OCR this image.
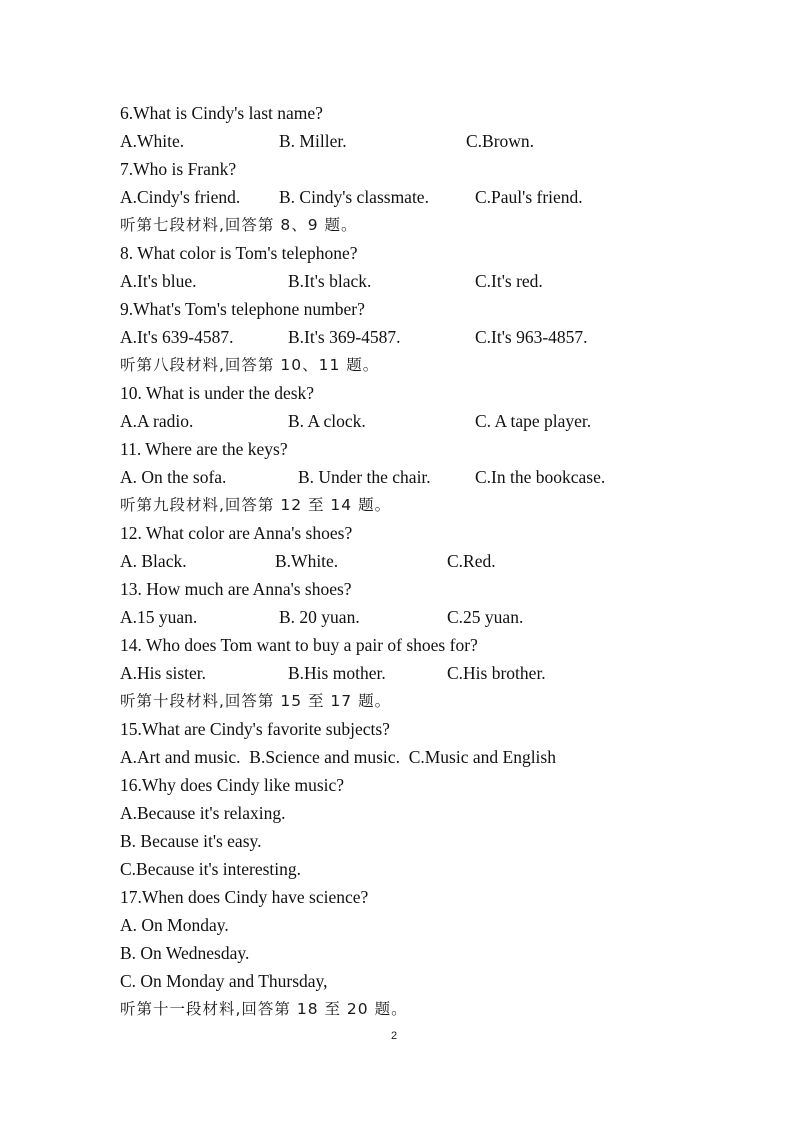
6.What is Cindy's last name?
A.White.	B. Miller.	C.Brown.
7.Who is Frank?
A.Cindy's friend. B. Cindy's classmate.	C.Paul's friend.
听第七段材料,回答第 8、9 题。
8. What color is Tom's telephone?
A.It's blue.	B.It's black.	C.It's red.
9.What's Tom's telephone number?
A.It's 639-4587.	B.It's 369-4587.	C.It's 963-4857.
听第八段材料,回答第 10、11 题。
10. What is under the desk?
A.A radio.	B. A clock.	C. A tape player.
11. Where are the keys?
A. On the sofa.	B. Under the chair.	C.In the bookcase.
听第九段材料,回答第 12 至 14 题。
12. What color are Anna's shoes?
A. Black.	B.White.	C.Red.
13. How much are Anna's shoes?
A.15 yuan.	B. 20 yuan.	C.25 yuan.
14. Who does Tom want to buy a pair of shoes for?
A.His sister.	B.His mother.	C.His brother.
听第十段材料,回答第 15 至 17 题。
15.What are Cindy's favorite subjects?
A.Art and music.  B.Science and music.  C.Music and English
16.Why does Cindy like music?
A.Because it's relaxing.
B. Because it's easy.
C.Because it's interesting.
17.When does Cindy have science?
A. On Monday.
B. On Wednesday.
C. On Monday and Thursday,
听第十一段材料,回答第 18 至 20 题。
2
